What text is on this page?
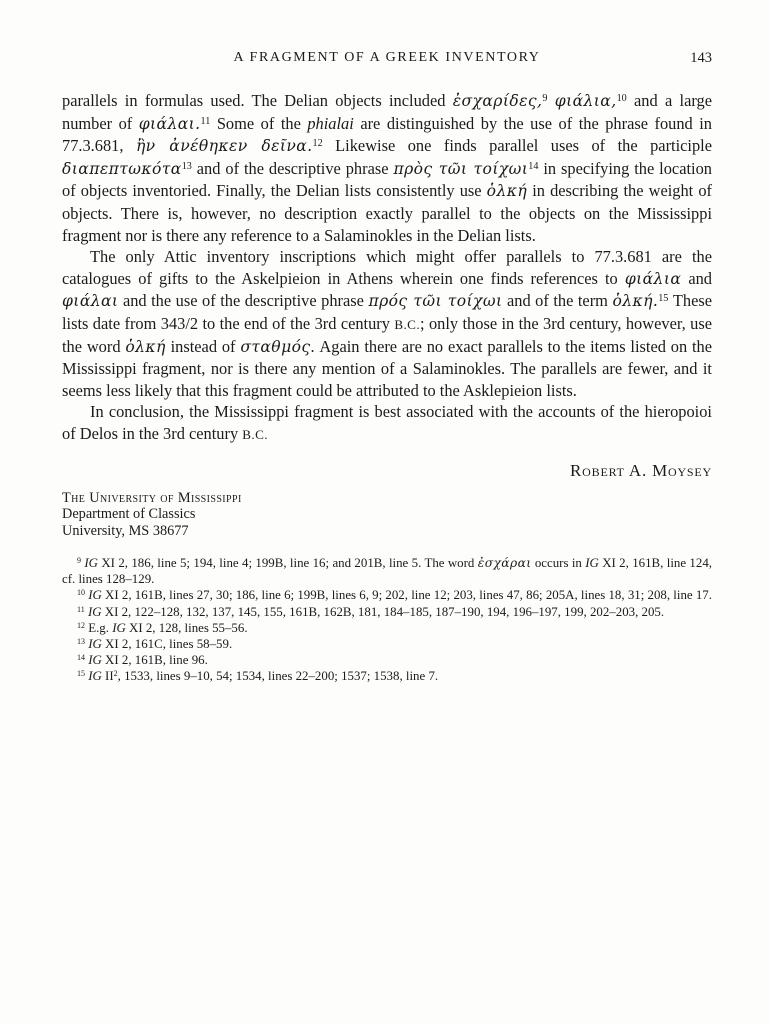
A FRAGMENT OF A GREEK INVENTORY	143

parallels in formulas used. The Delian objects included ἐσχαρίδες,$^9$ φιάλια,$^{10}$ and a large number of φιάλαι.$^{11}$ Some of the phialai are distinguished by the use of the phrase found in 77.3.681, ἣν ἀνέθηκεν δεῖνα.$^{12}$ Likewise one finds parallel uses of the participle διαπεπτωκότα$^{13}$ and of the descriptive phrase πρὸς τῶι τοίχωι$^{14}$ in specifying the location of objects inventoried. Finally, the Delian lists consistently use ὁλκή in describing the weight of objects. There is, however, no description exactly parallel to the objects on the Mississippi fragment nor is there any reference to a Salaminokles in the Delian lists.

The only Attic inventory inscriptions which might offer parallels to 77.3.681 are the catalogues of gifts to the Askelpieion in Athens wherein one finds references to φιάλια and φιάλαι and the use of the descriptive phrase πρός τῶι τοίχωι and of the term ὁλκή.$^{15}$ These lists date from 343/2 to the end of the 3rd century B.C.; only those in the 3rd century, however, use the word ὁλκή instead of σταθμός. Again there are no exact parallels to the items listed on the Mississippi fragment, nor is there any mention of a Salaminokles. The parallels are fewer, and it seems less likely that this fragment could be attributed to the Asklepieion lists.

In conclusion, the Mississippi fragment is best associated with the accounts of the hieropoioi of Delos in the 3rd century B.C.

Robert A. Moysey
The University of Mississippi
Department of Classics
University, MS 38677

$^9$ IG XI 2, 186, line 5; 194, line 4; 199B, line 16; and 201B, line 5. The word ἐσχάραι occurs in IG XI 2, 161B, line 124, cf. lines 128–129.

$^{10}$ IG XI 2, 161B, lines 27, 30; 186, line 6; 199B, lines 6, 9; 202, line 12; 203, lines 47, 86; 205A, lines 18, 31; 208, line 17.

$^{11}$ IG XI 2, 122–128, 132, 137, 145, 155, 161B, 162B, 181, 184–185, 187–190, 194, 196–197, 199, 202–203, 205.

$^{12}$ E.g. IG XI 2, 128, lines 55–56.

$^{13}$ IG XI 2, 161C, lines 58–59.

$^{14}$ IG XI 2, 161B, line 96.

$^{15}$ IG $II^2$, 1533, lines 9–10, 54; 1534, lines 22–200; 1537; 1538, line 7.
